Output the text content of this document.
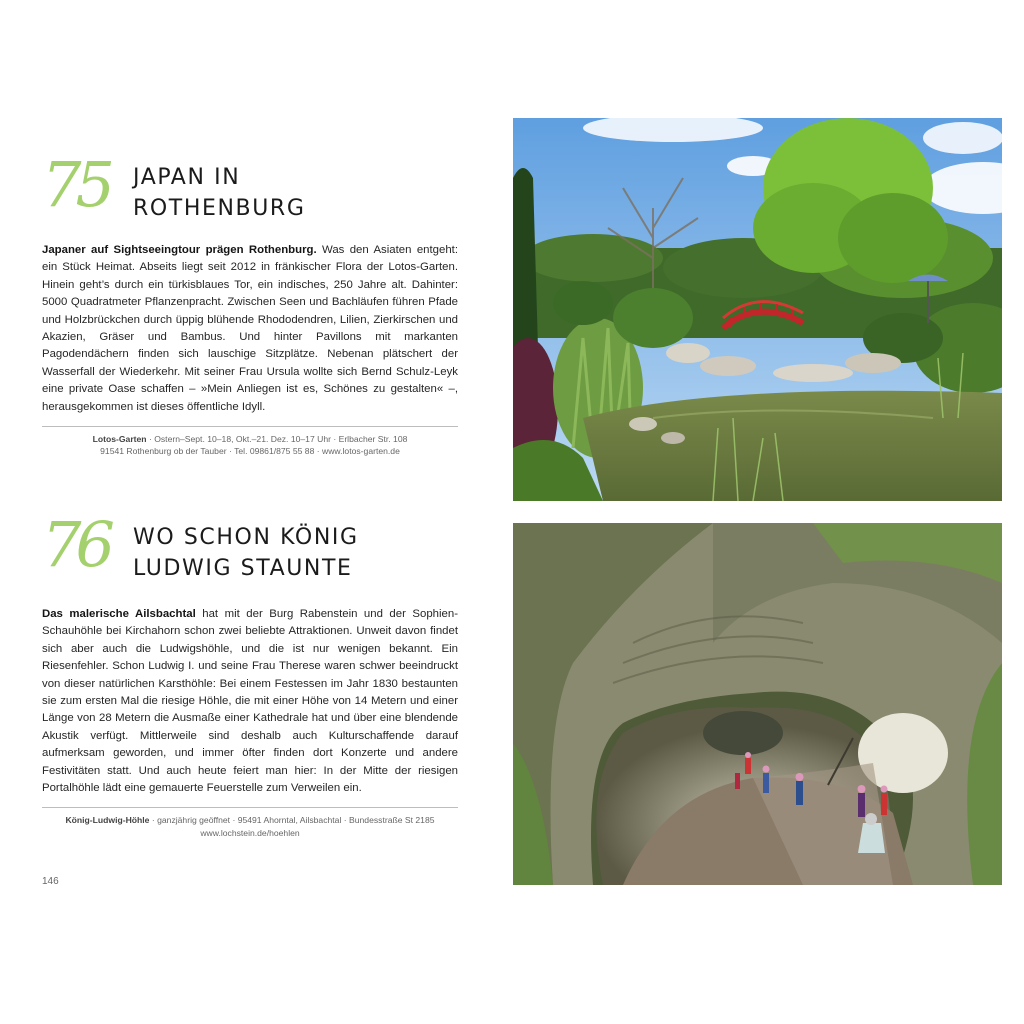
75 JAPAN IN
ROTHENBURG

Japaner auf Sightseeingtour prägen Rothenburg. Was den Asiaten entgeht: ein Stück Heimat. Abseits liegt seit 2012 in fränkischer Flora der Lotos-Garten. Hinein geht’s durch ein türkisblaues Tor, ein indisches, 250 Jahre alt. Dahinter: 5000 Quadratmeter Pflanzenpracht. Zwischen Seen und Bachläufen führen Pfade und Holzbrückchen durch üppig blühende Rhododendren, Lilien, Zierkirschen und Akazien, Gräser und Bambus. Und hinter Pavillons mit markanten Pagodendächern finden sich lauschige Sitzplätze. Nebenan plätschert der Wasserfall der Wiederkehr. Mit seiner Frau Ursula wollte sich Bernd Schulz-Leyk eine private Oase schaffen – »Mein Anliegen ist es, Schönes zu gestalten« –, herausgekommen ist dieses öffentliche Idyll.

Lotos-Garten · Ostern–Sept. 10–18, Okt.–21. Dez. 10–17 Uhr · Erlbacher Str. 108
91541 Rothenburg ob der Tauber · Tel. 09861/875 55 88 · www.lotos-garten.de
76 WO SCHON KÖNIG
LUDWIG STAUNTE

Das malerische Ailsbachtal hat mit der Burg Rabenstein und der Sophien-Schauhöhle bei Kirchahorn schon zwei beliebte Attraktionen. Unweit davon findet sich aber auch die Ludwigshöhle, und die ist nur wenigen bekannt. Ein Riesenfehler. Schon Ludwig I. und seine Frau Therese waren schwer beeindruckt von dieser natürlichen Karsthöhle: Bei einem Festessen im Jahr 1830 bestaunten sie zum ersten Mal die riesige Höhle, die mit einer Höhe von 14 Metern und einer Länge von 28 Metern die Ausmaße einer Kathedrale hat und über eine blendende Akustik verfügt. Mittlerweile sind deshalb auch Kulturschaffende darauf aufmerksam geworden, und immer öfter finden dort Konzerte und andere Festivitäten statt. Und auch heute feiert man hier: In der Mitte der riesigen Portalhöhle lädt eine gemauerte Feuerstelle zum Verweilen ein.

König-Ludwig-Höhle · ganzjährig geöffnet · 95491 Ahorntal, Ailsbachtal · Bundesstraße St 2185
www.lochstein.de/hoehlen
146
